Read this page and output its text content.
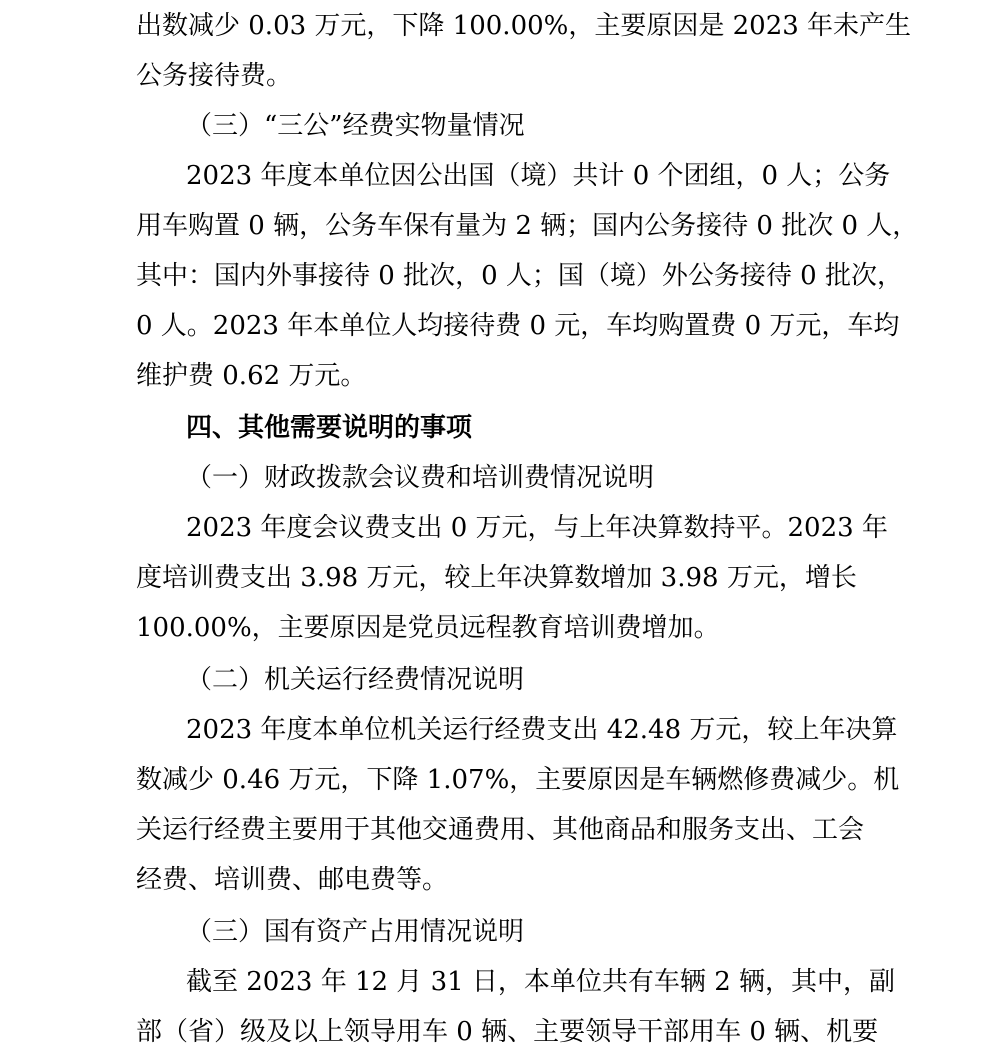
出数减少 0.03 万元，下降 100.00%，主要原因是 2023 年未产生
公务接待费。
（三）“三公”经费实物量情况
2023 年度本单位因公出国（境）共计 0 个团组，0 人；公务
用车购置 0 辆，公务车保有量为 2 辆；国内公务接待 0 批次 0 人，
其中：国内外事接待 0 批次，0 人；国（境）外公务接待 0 批次，
0 人。2023 年本单位人均接待费 0 元，车均购置费 0 万元，车均
维护费 0.62 万元。
四、其他需要说明的事项
（一）财政拨款会议费和培训费情况说明
2023 年度会议费支出 0 万元，与上年决算数持平。2023 年
度培训费支出 3.98 万元，较上年决算数增加 3.98 万元，增长
100.00%，主要原因是党员远程教育培训费增加。
（二）机关运行经费情况说明
2023 年度本单位机关运行经费支出 42.48 万元，较上年决算
数减少 0.46 万元，下降 1.07%，主要原因是车辆燃修费减少。机
关运行经费主要用于其他交通费用、其他商品和服务支出、工会
经费、培训费、邮电费等。
（三）国有资产占用情况说明
截至 2023 年 12 月 31 日，本单位共有车辆 2 辆，其中，副
部（省）级及以上领导用车 0 辆、主要领导干部用车 0 辆、机要
